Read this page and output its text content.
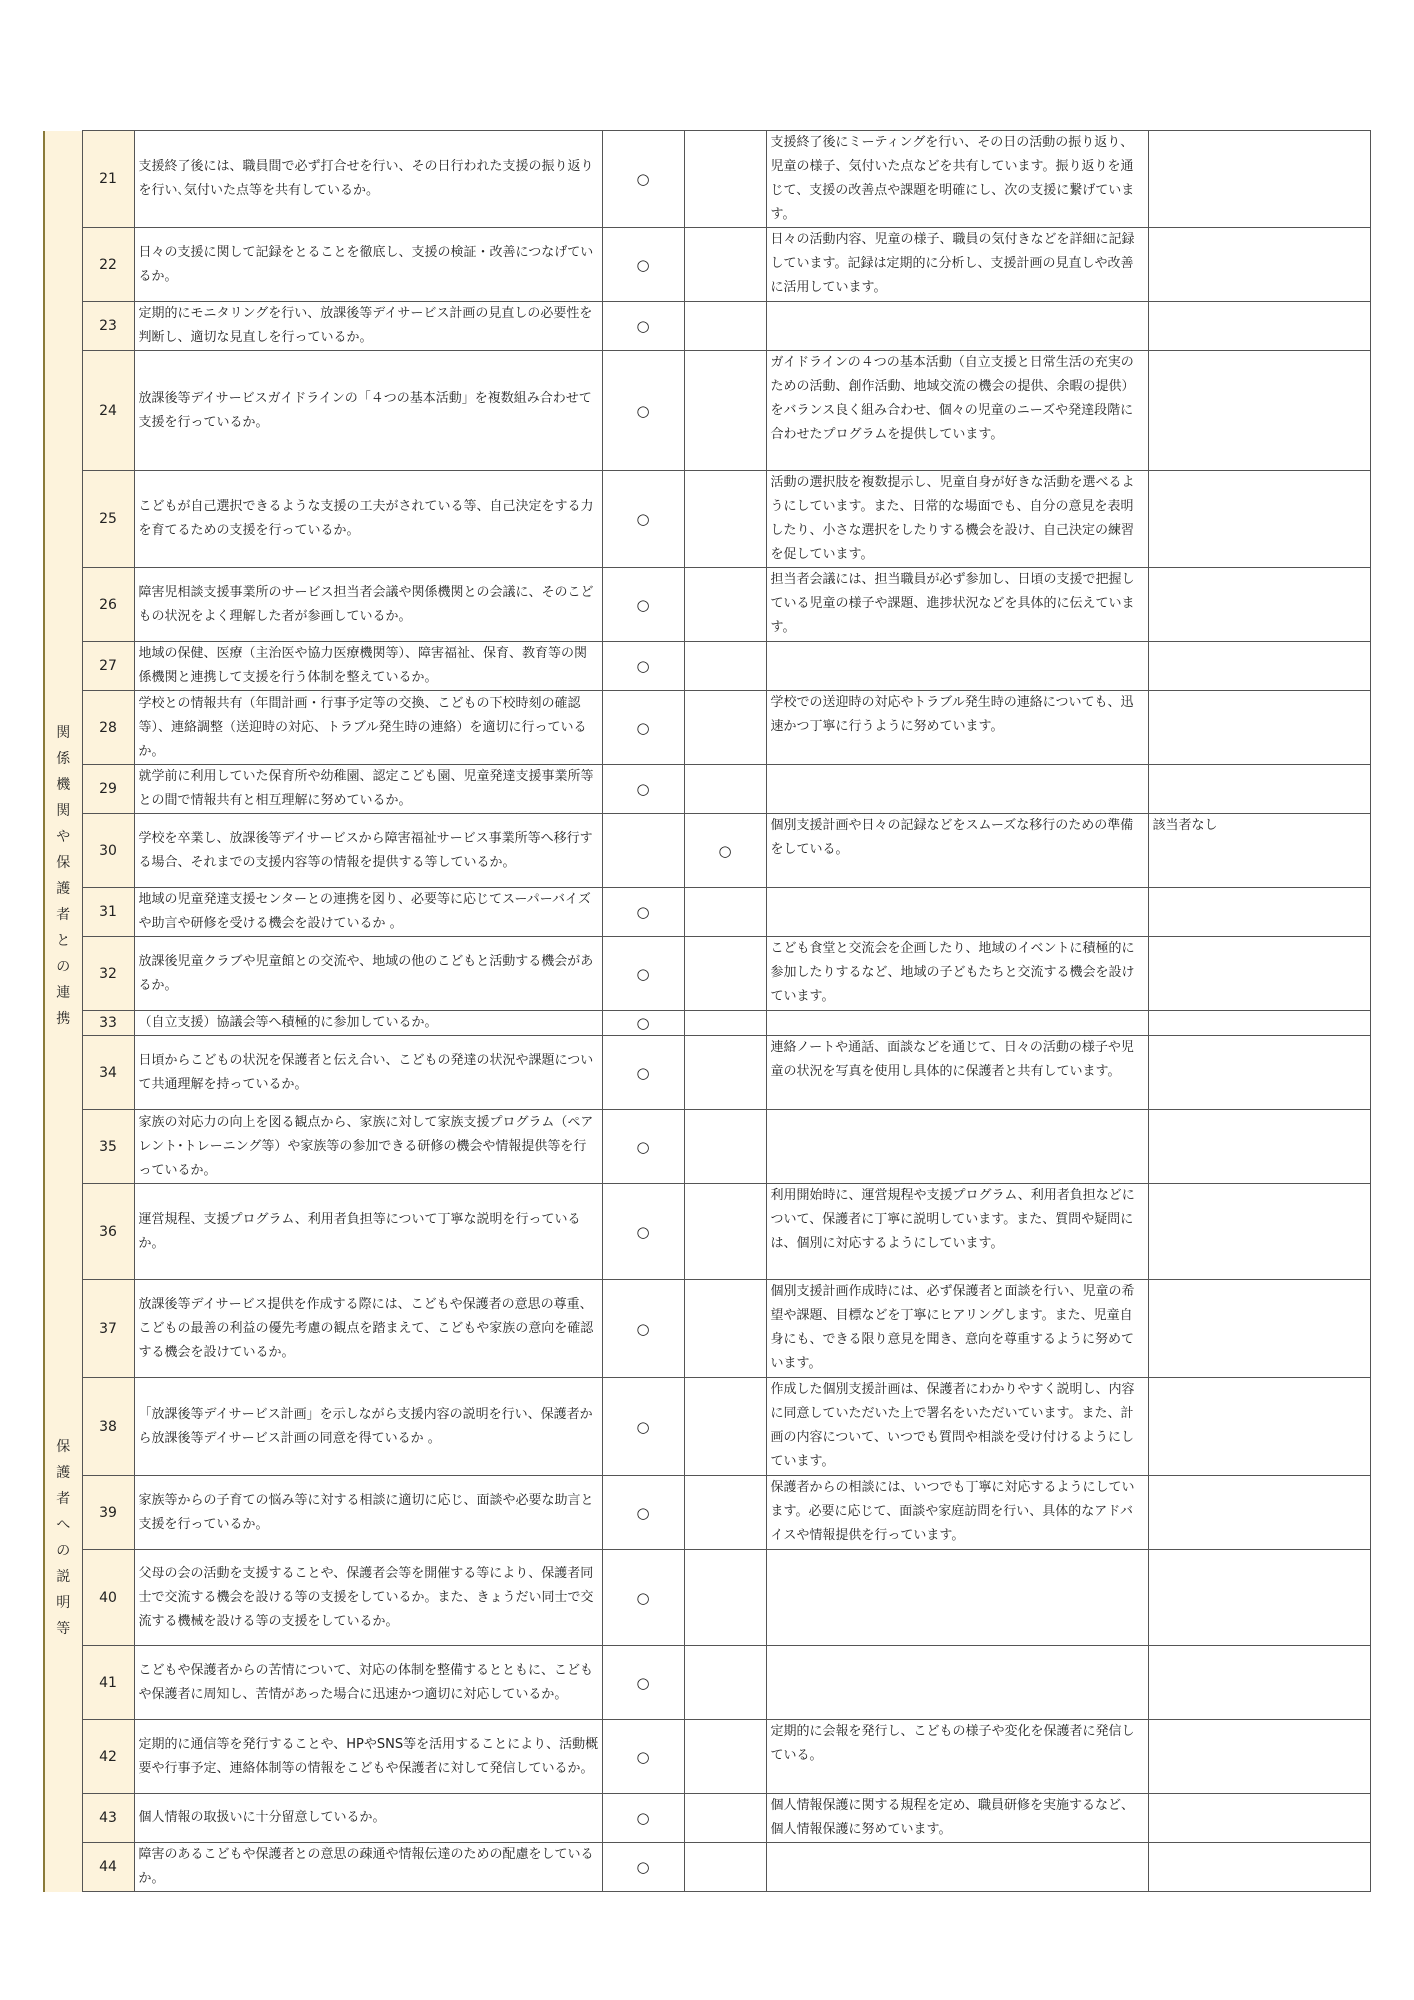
	21	支援終了後には、職員間で必ず打合せを行い、その日行われた支援の振り返りを行い､気付いた点等を共有しているか。	○		支援終了後にミーティングを行い、その日の活動の振り返り、児童の様子、気付いた点などを共有しています。振り返りを通じて、支援の改善点や課題を明確にし、次の支援に繋げています。	
	22	日々の支援に関して記録をとることを徹底し、支援の検証・改善につなげているか。	○		日々の活動内容、児童の様子、職員の気付きなどを詳細に記録しています。記録は定期的に分析し、支援計画の見直しや改善に活用しています。	
	23	定期的にモニタリングを行い、放課後等デイサービス計画の見直しの必要性を判断し、適切な見直しを行っているか。	○			
	24	放課後等デイサービスガイドラインの「４つの基本活動」を複数組み合わせて支援を行っているか。	○		ガイドラインの４つの基本活動（自立支援と日常生活の充実のための活動、創作活動、地域交流の機会の提供、余暇の提供）をバランス良く組み合わせ、個々の児童のニーズや発達段階に合わせたプログラムを提供しています。	
	25	こどもが自己選択できるような支援の工夫がされている等、自己決定をする力を育てるための支援を行っているか。	○		活動の選択肢を複数提示し、児童自身が好きな活動を選べるようにしています。また、日常的な場面でも、自分の意見を表明したり、小さな選択をしたりする機会を設け、自己決定の練習を促しています。	
関係機関や保護者との連携	26	障害児相談支援事業所のサービス担当者会議や関係機関との会議に、そのこどもの状況をよく理解した者が参画しているか。	○		担当者会議には、担当職員が必ず参加し、日頃の支援で把握している児童の様子や課題、進捗状況などを具体的に伝えています。	
	27	地域の保健、医療（主治医や協力医療機関等）、障害福祉、保育、教育等の関係機関と連携して支援を行う体制を整えているか。	○			
	28	学校との情報共有（年間計画・行事予定等の交換、こどもの下校時刻の確認等）、連絡調整（送迎時の対応、トラブル発生時の連絡）を適切に行っているか。	○		学校での送迎時の対応やトラブル発生時の連絡についても、迅速かつ丁寧に行うように努めています。	
	29	就学前に利用していた保育所や幼稚園、認定こども園、児童発達支援事業所等との間で情報共有と相互理解に努めているか。	○			
	30	学校を卒業し、放課後等デイサービスから障害福祉サービス事業所等へ移行する場合、それまでの支援内容等の情報を提供する等しているか。		○	個別支援計画や日々の記録などをスムーズな移行のための準備をしている。	該当者なし
	31	地域の児童発達支援センターとの連携を図り、必要等に応じてスーパーバイズや助言や研修を受ける機会を設けているか 。	○			
	32	放課後児童クラブや児童館との交流や、地域の他のこどもと活動する機会があるか。	○		こども食堂と交流会を企画したり、地域のイベントに積極的に参加したりするなど、地域の子どもたちと交流する機会を設けています。	
	33	（自立支援）協議会等へ積極的に参加しているか。	○			
	34	日頃からこどもの状況を保護者と伝え合い、こどもの発達の状況や課題について共通理解を持っているか。	○		連絡ノートや通話、面談などを通じて、日々の活動の様子や児童の状況を写真を使用し具体的に保護者と共有しています。	
	35	家族の対応力の向上を図る観点から、家族に対して家族支援プログラム（ペアレント･トレーニング等）や家族等の参加できる研修の機会や情報提供等を行っているか。	○			
保護者への説明等	36	運営規程、支援プログラム、利用者負担等について丁寧な説明を行っているか。	○		利用開始時に、運営規程や支援プログラム、利用者負担などについて、保護者に丁寧に説明しています。また、質問や疑問には、個別に対応するようにしています。	
	37	放課後等デイサービス提供を作成する際には、こどもや保護者の意思の尊重、こどもの最善の利益の優先考慮の観点を踏まえて、こどもや家族の意向を確認する機会を設けているか。	○		個別支援計画作成時には、必ず保護者と面談を行い、児童の希望や課題、目標などを丁寧にヒアリングします。また、児童自身にも、できる限り意見を聞き、意向を尊重するように努めています。	
	38	「放課後等デイサービス計画」を示しながら支援内容の説明を行い、保護者から放課後等デイサービス計画の同意を得ているか 。	○		作成した個別支援計画は、保護者にわかりやすく説明し、内容に同意していただいた上で署名をいただいています。また、計画の内容について、いつでも質問や相談を受け付けるようにしています。	
	39	家族等からの子育ての悩み等に対する相談に適切に応じ、面談や必要な助言と支援を行っているか。	○		保護者からの相談には、いつでも丁寧に対応するようにしています。必要に応じて、面談や家庭訪問を行い、具体的なアドバイスや情報提供を行っています。	
	40	父母の会の活動を支援することや、保護者会等を開催する等により、保護者同士で交流する機会を設ける等の支援をしているか。また、きょうだい同士で交流する機械を設ける等の支援をしているか。	○			
	41	こどもや保護者からの苦情について、対応の体制を整備するとともに、こどもや保護者に周知し、苦情があった場合に迅速かつ適切に対応しているか。	○			
	42	定期的に通信等を発行することや、HPやSNS等を活用することにより、活動概要や行事予定、連絡体制等の情報をこどもや保護者に対して発信しているか。	○		定期的に会報を発行し、こどもの様子や変化を保護者に発信している。	
	43	個人情報の取扱いに十分留意しているか。	○		個人情報保護に関する規程を定め、職員研修を実施するなど、個人情報保護に努めています。	
	44	障害のあるこどもや保護者との意思の疎通や情報伝達のための配慮をしているか。	○			
